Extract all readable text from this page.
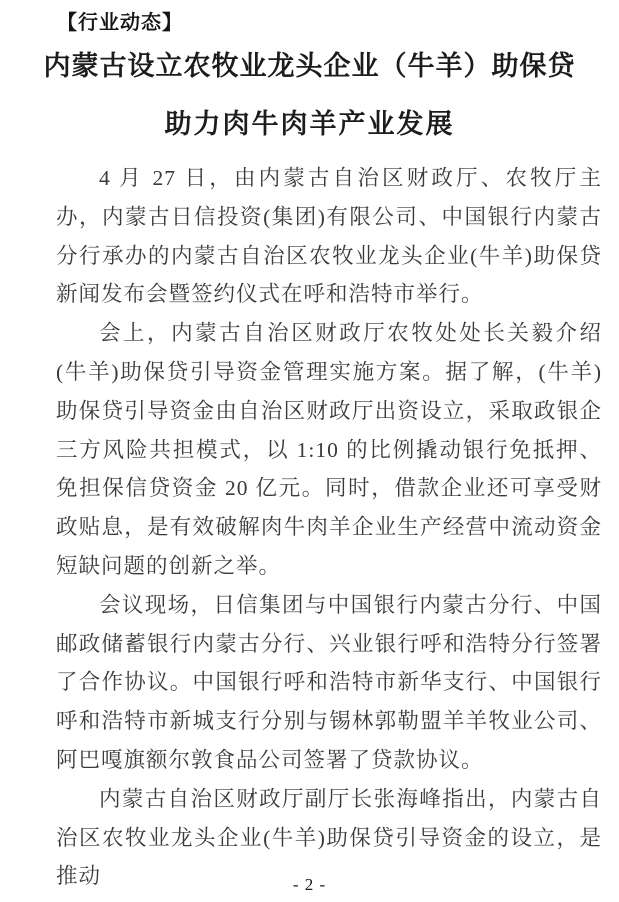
【行业动态】
内蒙古设立农牧业龙头企业（牛羊）助保贷
助力肉牛肉羊产业发展

4 月 27 日，由内蒙古自治区财政厅、农牧厅主办，内蒙古日信投资(集团)有限公司、中国银行内蒙古分行承办的内蒙古自治区农牧业龙头企业(牛羊)助保贷新闻发布会暨签约仪式在呼和浩特市举行。

会上，内蒙古自治区财政厅农牧处处长关毅介绍(牛羊)助保贷引导资金管理实施方案。据了解，(牛羊)助保贷引导资金由自治区财政厅出资设立，采取政银企三方风险共担模式，以 1:10 的比例撬动银行免抵押、免担保信贷资金 20 亿元。同时，借款企业还可享受财政贴息，是有效破解肉牛肉羊企业生产经营中流动资金短缺问题的创新之举。

会议现场，日信集团与中国银行内蒙古分行、中国邮政储蓄银行内蒙古分行、兴业银行呼和浩特分行签署了合作协议。中国银行呼和浩特市新华支行、中国银行呼和浩特市新城支行分别与锡林郭勒盟羊羊牧业公司、阿巴嘎旗额尔敦食品公司签署了贷款协议。

内蒙古自治区财政厅副厅长张海峰指出，内蒙古自治区农牧业龙头企业(牛羊)助保贷引导资金的设立，是推动	- 2 -
